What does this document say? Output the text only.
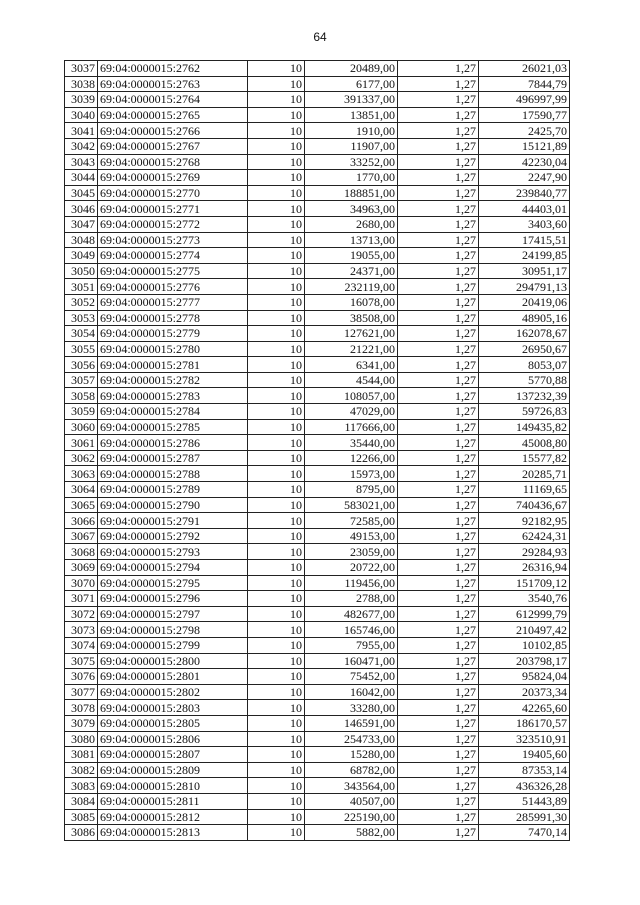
64
3037	69:04:0000015:2762	10	20489,00	1,27	26021,03
3038	69:04:0000015:2763	10	6177,00	1,27	7844,79
3039	69:04:0000015:2764	10	391337,00	1,27	496997,99
3040	69:04:0000015:2765	10	13851,00	1,27	17590,77
3041	69:04:0000015:2766	10	1910,00	1,27	2425,70
3042	69:04:0000015:2767	10	11907,00	1,27	15121,89
3043	69:04:0000015:2768	10	33252,00	1,27	42230,04
3044	69:04:0000015:2769	10	1770,00	1,27	2247,90
3045	69:04:0000015:2770	10	188851,00	1,27	239840,77
3046	69:04:0000015:2771	10	34963,00	1,27	44403,01
3047	69:04:0000015:2772	10	2680,00	1,27	3403,60
3048	69:04:0000015:2773	10	13713,00	1,27	17415,51
3049	69:04:0000015:2774	10	19055,00	1,27	24199,85
3050	69:04:0000015:2775	10	24371,00	1,27	30951,17
3051	69:04:0000015:2776	10	232119,00	1,27	294791,13
3052	69:04:0000015:2777	10	16078,00	1,27	20419,06
3053	69:04:0000015:2778	10	38508,00	1,27	48905,16
3054	69:04:0000015:2779	10	127621,00	1,27	162078,67
3055	69:04:0000015:2780	10	21221,00	1,27	26950,67
3056	69:04:0000015:2781	10	6341,00	1,27	8053,07
3057	69:04:0000015:2782	10	4544,00	1,27	5770,88
3058	69:04:0000015:2783	10	108057,00	1,27	137232,39
3059	69:04:0000015:2784	10	47029,00	1,27	59726,83
3060	69:04:0000015:2785	10	117666,00	1,27	149435,82
3061	69:04:0000015:2786	10	35440,00	1,27	45008,80
3062	69:04:0000015:2787	10	12266,00	1,27	15577,82
3063	69:04:0000015:2788	10	15973,00	1,27	20285,71
3064	69:04:0000015:2789	10	8795,00	1,27	11169,65
3065	69:04:0000015:2790	10	583021,00	1,27	740436,67
3066	69:04:0000015:2791	10	72585,00	1,27	92182,95
3067	69:04:0000015:2792	10	49153,00	1,27	62424,31
3068	69:04:0000015:2793	10	23059,00	1,27	29284,93
3069	69:04:0000015:2794	10	20722,00	1,27	26316,94
3070	69:04:0000015:2795	10	119456,00	1,27	151709,12
3071	69:04:0000015:2796	10	2788,00	1,27	3540,76
3072	69:04:0000015:2797	10	482677,00	1,27	612999,79
3073	69:04:0000015:2798	10	165746,00	1,27	210497,42
3074	69:04:0000015:2799	10	7955,00	1,27	10102,85
3075	69:04:0000015:2800	10	160471,00	1,27	203798,17
3076	69:04:0000015:2801	10	75452,00	1,27	95824,04
3077	69:04:0000015:2802	10	16042,00	1,27	20373,34
3078	69:04:0000015:2803	10	33280,00	1,27	42265,60
3079	69:04:0000015:2805	10	146591,00	1,27	186170,57
3080	69:04:0000015:2806	10	254733,00	1,27	323510,91
3081	69:04:0000015:2807	10	15280,00	1,27	19405,60
3082	69:04:0000015:2809	10	68782,00	1,27	87353,14
3083	69:04:0000015:2810	10	343564,00	1,27	436326,28
3084	69:04:0000015:2811	10	40507,00	1,27	51443,89
3085	69:04:0000015:2812	10	225190,00	1,27	285991,30
3086	69:04:0000015:2813	10	5882,00	1,27	7470,14
